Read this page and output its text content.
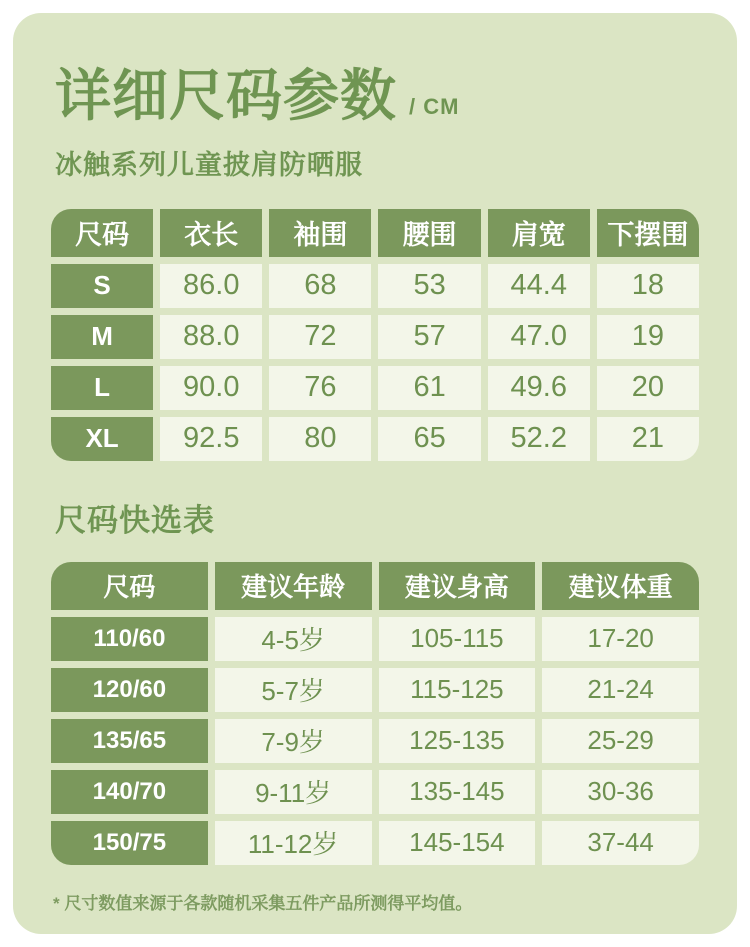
详细尺码参数 / CM
冰触系列儿童披肩防晒服
尺码	衣长	袖围	腰围	肩宽	下摆围
S	86.0	68	53	44.4	18
M	88.0	72	57	47.0	19
L	90.0	76	61	49.6	20
XL	92.5	80	65	52.2	21
尺码快选表
尺码	建议年龄	建议身高	建议体重
110/60	4-5岁	105-115	17-20
120/60	5-7岁	115-125	21-24
135/65	7-9岁	125-135	25-29
140/70	9-11岁	135-145	30-36
150/75	11-12岁	145-154	37-44
* 尺寸数值来源于各款随机采集五件产品所测得平均值。
